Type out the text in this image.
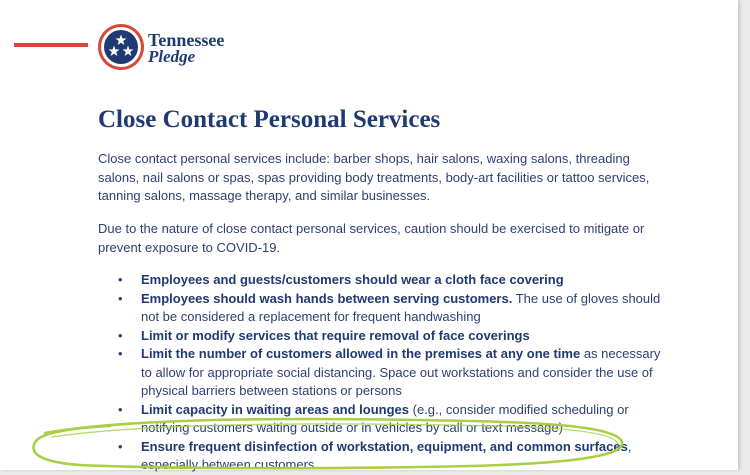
Tennessee
Pledge
Close Contact Personal Services

Close contact personal services include: barber shops, hair salons, waxing salons, threading salons, nail salons or spas, spas providing body treatments, body-art facilities or tattoo services, tanning salons, massage therapy, and similar businesses.

Due to the nature of close contact personal services, caution should be exercised to mitigate or prevent exposure to COVID-19.

• Employees and guests/customers should wear a cloth face covering
• Employees should wash hands between serving customers. The use of gloves should not be considered a replacement for frequent handwashing
• Limit or modify services that require removal of face coverings
• Limit the number of customers allowed in the premises at any one time as necessary to allow for appropriate social distancing. Space out workstations and consider the use of physical barriers between stations or persons
• Limit capacity in waiting areas and lounges (e.g., consider modified scheduling or notifying customers waiting outside or in vehicles by call or text message)
• Ensure frequent disinfection of workstation, equipment, and common surfaces, especially between customers
